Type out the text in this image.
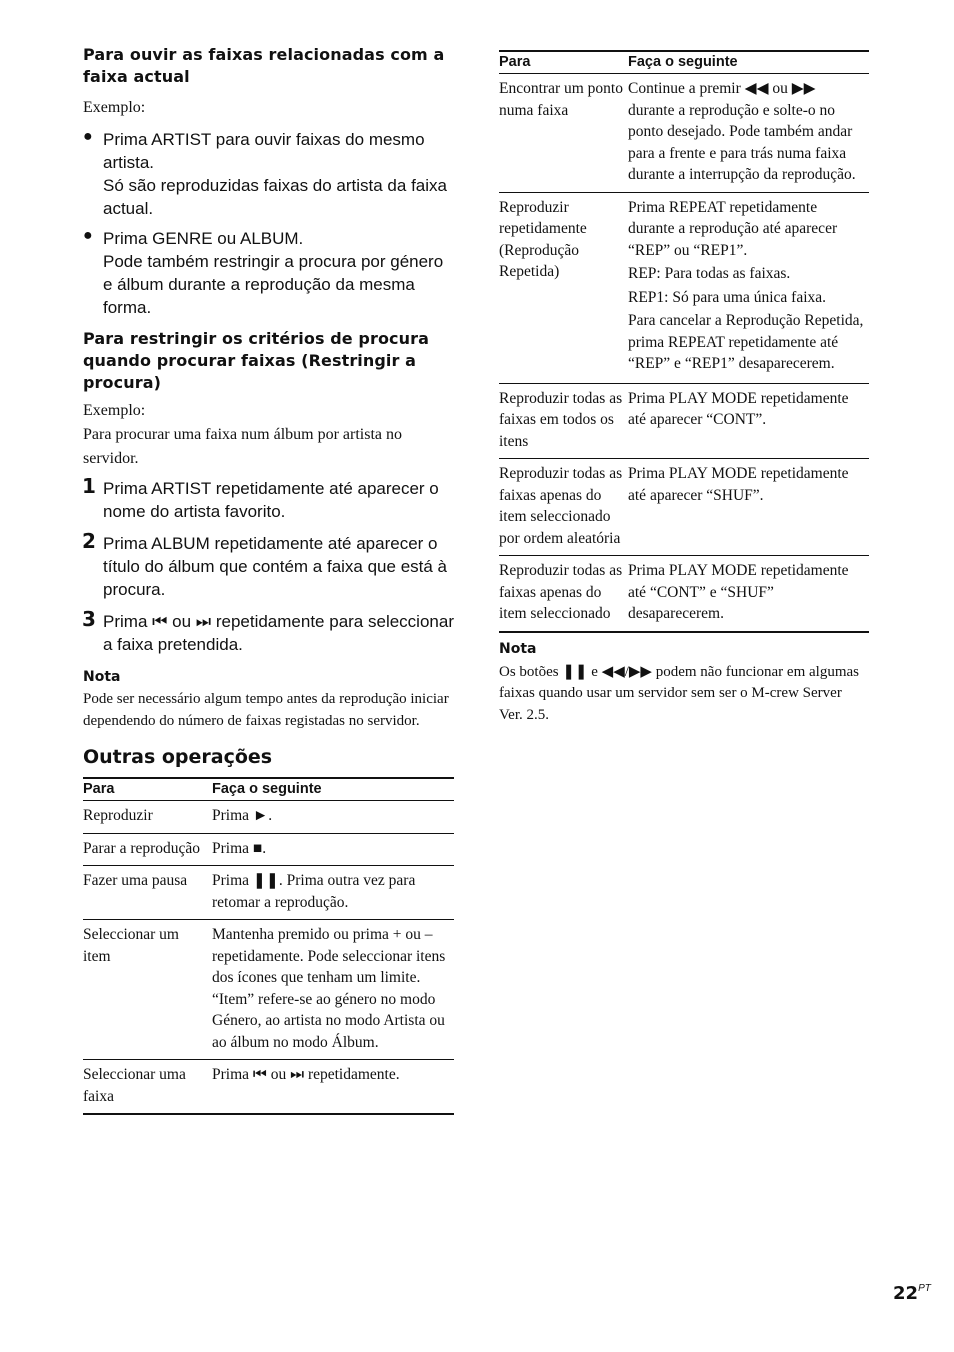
Para ouvir as faixas relacionadas com a faixa actual

Exemplo:

● Prima ARTIST para ouvir faixas do mesmo artista.

Só são reproduzidas faixas do artista da faixa actual.

● Prima GENRE ou ALBUM.

Pode também restringir a procura por género e álbum durante a reprodução da mesma forma.

Para restringir os critérios de procura quando procurar faixas (Restringir a procura)

Exemplo:

Para procurar uma faixa num álbum por artista no servidor.

1 Prima ARTIST repetidamente até aparecer o nome do artista favorito.

2 Prima ALBUM repetidamente até aparecer o título do álbum que contém a faixa que está à procura.

3 Prima ⏮ ou ⏭ repetidamente para seleccionar a faixa pretendida.

Nota

Pode ser necessário algum tempo antes da reprodução iniciar dependendo do número de faixas registadas no servidor.

Outras operações
Para	Faça o seguinte
Reproduzir	Prima ►.
Parar a reprodução	Prima ■.
Fazer uma pausa	Prima ❚❚. Prima outra vez para retomar a reprodução.
Seleccionar um item	Mantenha premido ou prima + ou – repetidamente. Pode seleccionar itens dos ícones que tenham um limite. “Item” refere-se ao género no modo Género, ao artista no modo Artista ou ao álbum no modo Álbum.
Seleccionar uma faixa	Prima ⏮ ou ⏭ repetidamente.
Para	Faça o seguinte
Encontrar um ponto numa faixa	Continue a premir ◀◀ ou ▶▶ durante a reprodução e solte-o no ponto desejado. Pode também andar para a frente e para trás numa faixa durante a interrupção da reprodução.
Reproduzir repetidamente (Reprodução Repetida)	Prima REPEAT repetidamente durante a reprodução até aparecer “REP” ou “REP1”.
REP: Para todas as faixas.
REP1: Só para uma única faixa.
Para cancelar a Reprodução Repetida, prima REPEAT repetidamente até “REP” e “REP1” desaparecerem.

Reproduzir todas as faixas em todos os itens	Prima PLAY MODE repetidamente até aparecer “CONT”.
Reproduzir todas as faixas apenas do item seleccionado por ordem aleatória	Prima PLAY MODE repetidamente até aparecer “SHUF”.
Reproduzir todas as faixas apenas do item seleccionado	Prima PLAY MODE repetidamente até “CONT” e “SHUF” desaparecerem.

Nota

Os botões ❚❚ e ◀◀/▶▶ podem não funcionar em algumas faixas quando usar um servidor sem ser o M-crew Server Ver. 2.5.

$22^{PT}$
